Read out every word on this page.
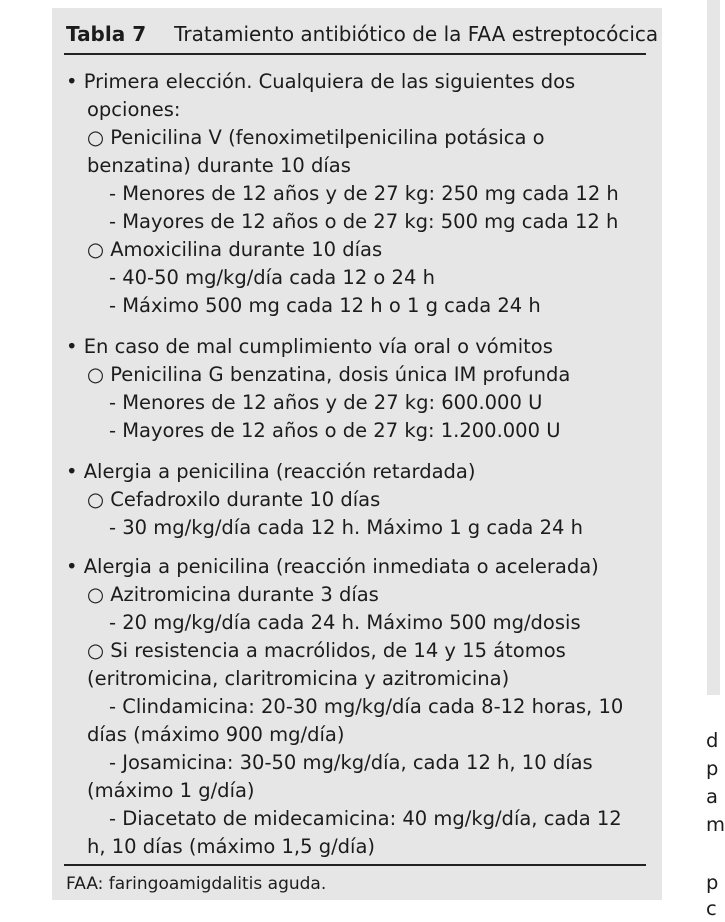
Tabla 7 Tratamiento antibiótico de la FAA estreptocócica
• Primera elección. Cualquiera de las siguientes dos
opciones:
○ Penicilina V (fenoximetilpenicilina potásica o
benzatina) durante 10 días
- Menores de 12 años y de 27 kg: 250 mg cada 12 h
- Mayores de 12 años o de 27 kg: 500 mg cada 12 h
○ Amoxicilina durante 10 días
- 40-50 mg/kg/día cada 12 o 24 h
- Máximo 500 mg cada 12 h o 1 g cada 24 h
• En caso de mal cumplimiento vía oral o vómitos
○ Penicilina G benzatina, dosis única IM profunda
- Menores de 12 años y de 27 kg: 600.000 U
- Mayores de 12 años o de 27 kg: 1.200.000 U
• Alergia a penicilina (reacción retardada)
○ Cefadroxilo durante 10 días
- 30 mg/kg/día cada 12 h. Máximo 1 g cada 24 h
• Alergia a penicilina (reacción inmediata o acelerada)
○ Azitromicina durante 3 días
- 20 mg/kg/día cada 24 h. Máximo 500 mg/dosis
○ Si resistencia a macrólidos, de 14 y 15 átomos
(eritromicina, claritromicina y azitromicina)
- Clindamicina: 20-30 mg/kg/día cada 8-12 horas, 10
días (máximo 900 mg/día)
- Josamicina: 30-50 mg/kg/día, cada 12 h, 10 días
(máximo 1 g/día)
- Diacetato de midecamicina: 40 mg/kg/día, cada 12
h, 10 días (máximo 1,5 g/día)
FAA: faringoamigdalitis aguda.
d
p
a
m
p
c
